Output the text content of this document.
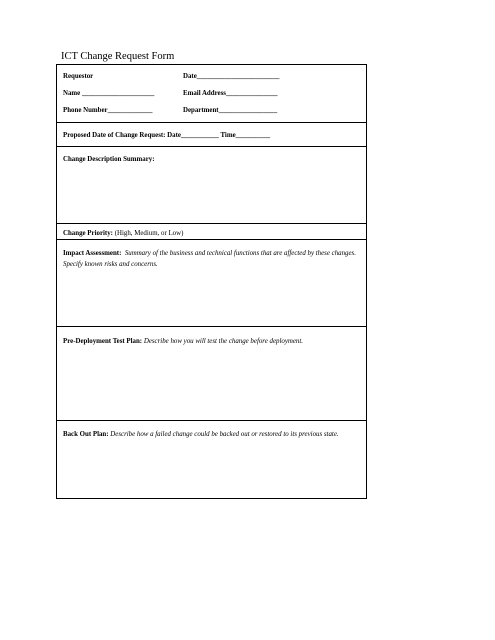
ICT Change Request Form
Requestor	Date________________________
Name _____________________	Email Address_______________
Phone Number_____________	Department_________________
Proposed Date of Change Request: Date___________ Time__________
Change Description Summary:
Change Priority: (High, Medium, or Low)
Impact Assessment: Summary of the business and technical functions that are affected by these changes. Specify known risks and concerns.
Pre-Deployment Test Plan: Describe how you will test the change before deployment.
Back Out Plan: Describe how a failed change could be backed out or restored to its previous state.
